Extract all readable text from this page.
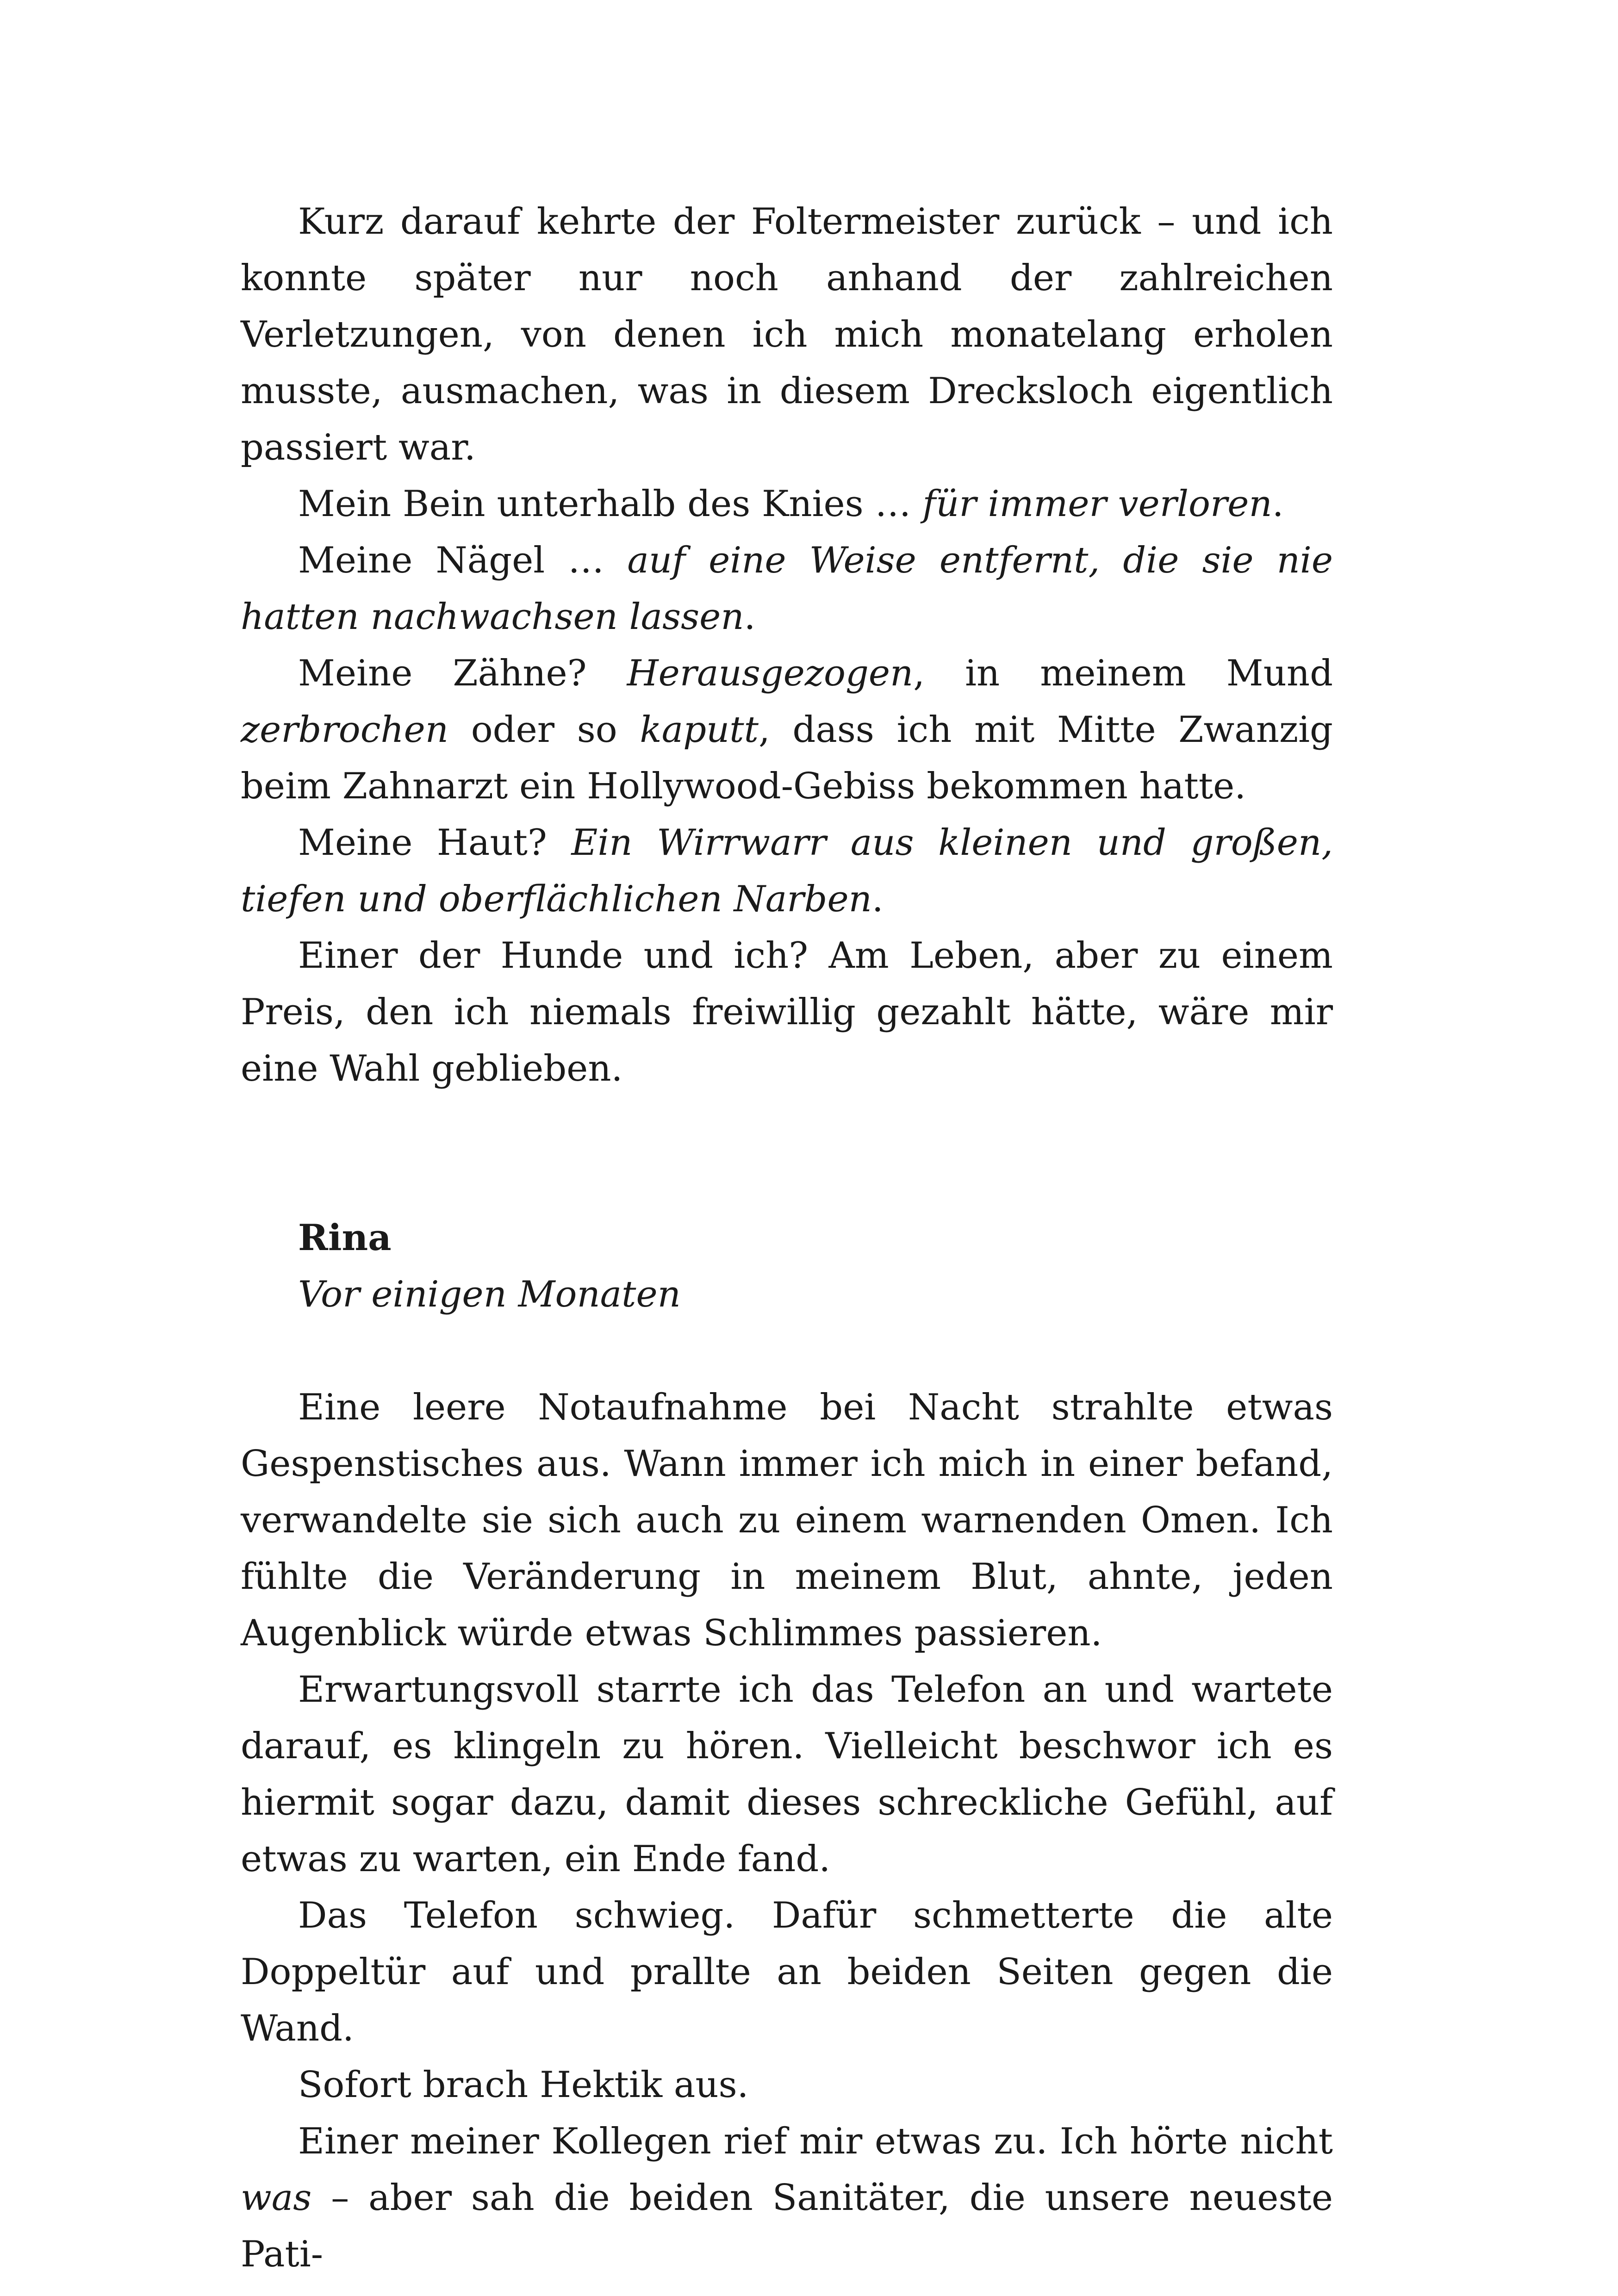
Kurz darauf kehrte der Foltermeister zurück – und ich konnte später nur noch anhand der zahlreichen Verletzungen, von denen ich mich monatelang erholen musste, ausmachen, was in diesem Drecksloch eigentlich passiert war.

Mein Bein unterhalb des Knies … für immer verloren.

Meine Nägel … auf eine Weise entfernt, die sie nie hatten nachwachsen lassen.

Meine Zähne? Herausgezogen, in meinem Mund zerbrochen oder so kaputt, dass ich mit Mitte Zwanzig beim Zahnarzt ein Hollywood-Gebiss bekommen hatte.

Meine Haut? Ein Wirrwarr aus kleinen und großen, tiefen und oberflächlichen Narben.

Einer der Hunde und ich? Am Leben, aber zu einem Preis, den ich niemals freiwillig gezahlt hätte, wäre mir eine Wahl geblieben.

Rina

Vor einigen Monaten

Eine leere Notaufnahme bei Nacht strahlte etwas Gespenstisches aus. Wann immer ich mich in einer befand, verwandelte sie sich auch zu einem warnenden Omen. Ich fühlte die Veränderung in meinem Blut, ahnte, jeden Augenblick würde etwas Schlimmes passieren.

Erwartungsvoll starrte ich das Telefon an und wartete darauf, es klingeln zu hören. Vielleicht beschwor ich es hiermit sogar dazu, damit dieses schreckliche Gefühl, auf etwas zu warten, ein Ende fand.

Das Telefon schwieg. Dafür schmetterte die alte Doppeltür auf und prallte an beiden Seiten gegen die Wand.

Sofort brach Hektik aus.

Einer meiner Kollegen rief mir etwas zu. Ich hörte nicht was – aber sah die beiden Sanitäter, die unsere neueste Pati-
